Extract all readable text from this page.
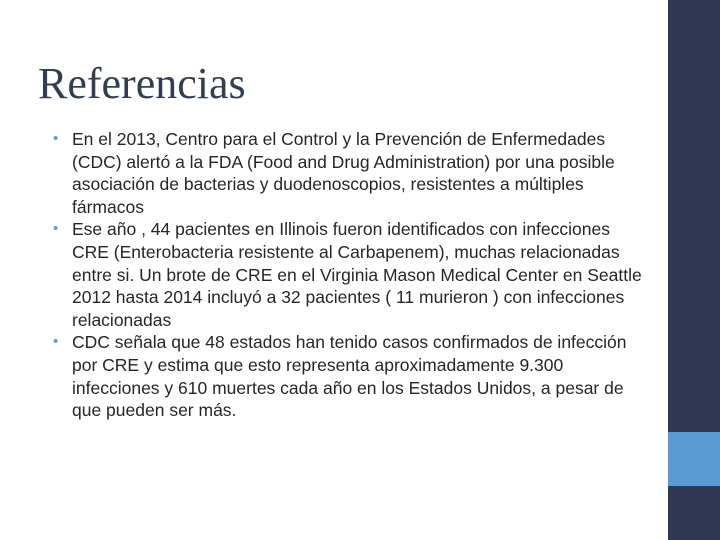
Referencias
• En el 2013, Centro para el Control y la Prevención de Enfermedades (CDC) alertó a la FDA (Food and Drug Administration) por una posible asociación de bacterias y duodenoscopios, resistentes a múltiples fármacos
• Ese año , 44 pacientes en Illinois fueron identificados con infecciones CRE (Enterobacteria resistente al Carbapenem), muchas relacionadas entre si. Un brote de CRE en el Virginia Mason Medical Center en Seattle 2012 hasta 2014 incluyó a 32 pacientes ( 11 murieron ) con infecciones relacionadas
• CDC señala que 48 estados han tenido casos confirmados de infección por CRE y estima que esto representa aproximadamente 9.300 infecciones y 610 muertes cada año en los Estados Unidos, a pesar de que pueden ser más.
